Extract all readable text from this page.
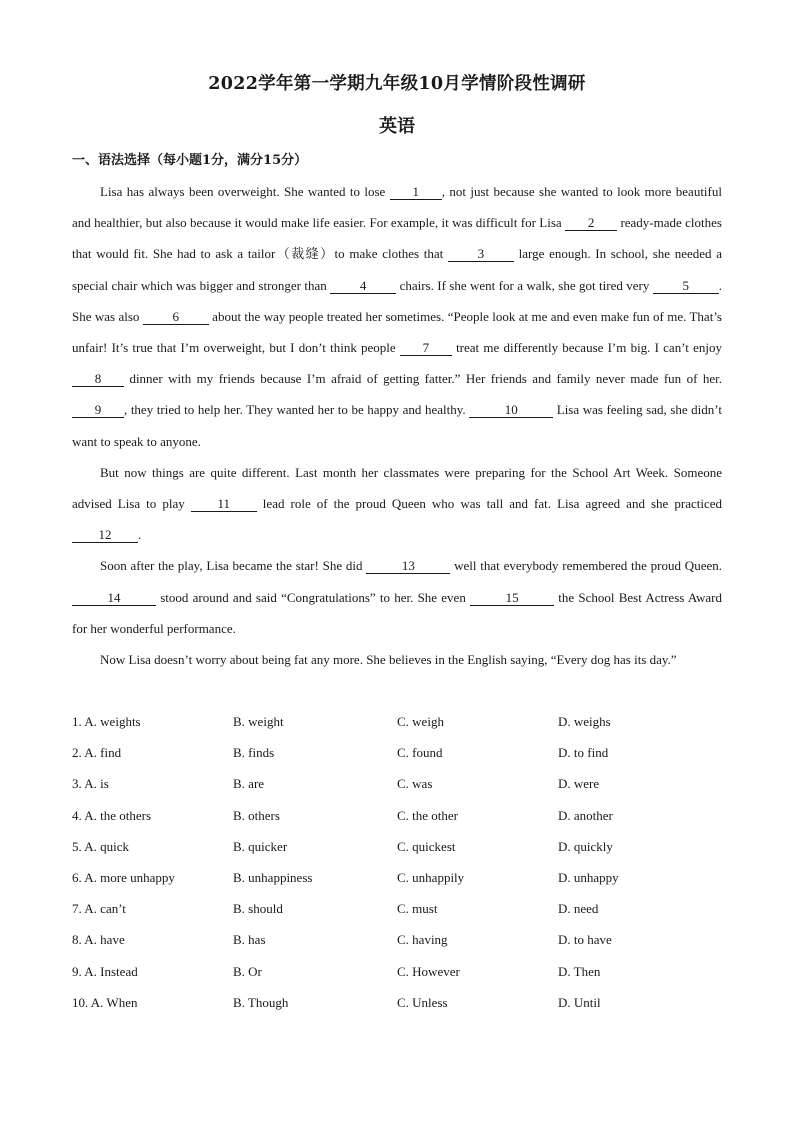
2022学年第一学期九年级10月学情阶段性调研
英语
一、语法选择（每小题1分，满分15分）

Lisa has always been overweight. She wanted to lose 1 , not just because she wanted to look more beautiful and healthier, but also because it would make life easier. For example, it was difficult for Lisa 2 ready-made clothes that would fit. She had to ask a tailor（裁缝）to make clothes that 3 large enough. In school, she needed a special chair which was bigger and stronger than 4 chairs. If she went for a walk, she got tired very 5 . She was also 6 about the way people treated her sometimes. “People look at me and even make fun of me. That’s unfair! It’s true that I’m overweight, but I don’t think people 7 treat me differently because I’m big. I can’t enjoy 8 dinner with my friends because I’m afraid of getting fatter.” Her friends and family never made fun of her. 9 , they tried to help her. They wanted her to be happy and healthy.	10	Lisa was feeling sad, she didn’t want to speak to anyone.

But now things are quite different. Last month her classmates were preparing for the School Art Week. Someone advised Lisa to play 11 lead role of the proud Queen who was tall and fat. Lisa agreed and she practiced 12 .

Soon after the play, Lisa became the star! She did	13	well that everybody remembered the proud Queen. 14	stood around and said “Congratulations” to her. She even	15	the School Best Actress Award for her wonderful performance.

Now Lisa doesn’t worry about being fat any more. She believes in the English saying, “Every dog has its day.”

1. A. weights	B. weight	C. weigh	D. weighs
2. A. find	B. finds	C. found	D. to find
3. A. is	B. are	C. was	D. were
4. A. the others	B. others	C. the other	D. another
5. A. quick	B. quicker	C. quickest	D. quickly
6. A. more unhappy	B. unhappiness	C. unhappily	D. unhappy
7. A. can’t	B. should	C. must	D. need
8. A. have	B. has	C. having	D. to have
9. A. Instead	B. Or	C. However	D. Then
10. A. When	B. Though	C. Unless	D. Until
